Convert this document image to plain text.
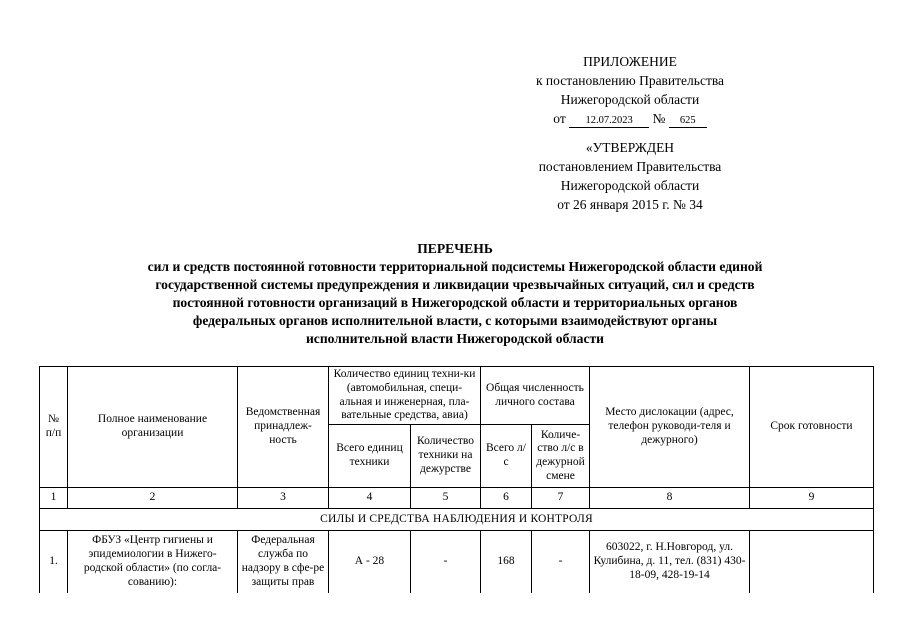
ПРИЛОЖЕНИЕ
к постановлению Правительства
Нижегородской области
от 12.07.2023 № 625
«УТВЕРЖДЕН
постановлением Правительства
Нижегородской области
от 26 января 2015 г. № 34
ПЕРЕЧЕНЬ
сил и средств постоянной готовности территориальной подсистемы Нижегородской области единой
государственной системы предупреждения и ликвидации чрезвычайных ситуаций, сил и средств
постоянной готовности организаций в Нижегородской области и территориальных органов
федеральных органов исполнительной власти, с которыми взаимодействуют органы
исполнительной власти Нижегородской области
№ п/п	Полное наименование организации	Ведомственная принадлеж-ность	Количество единиц техни-ки (автомобильная, специ-альная и инженерная, пла-вательные средства, авиа)		Общая численность личного состава		Место дислокации (адрес, телефон руководи-теля и дежурного)	Срок готовности
			Всего единиц техники	Количество техники на дежурстве	Всего л/с	Количе-ство л/с в дежурной смене		
1	2	3	4	5	6	7	8	9
СИЛЫ И СРЕДСТВА НАБЛЮДЕНИЯ И КОНТРОЛЯ								
1.	ФБУЗ «Центр гигиены и эпидемиологии в Нижего-родской области» (по согла-сованию):	Федеральная служба по надзору в сфе-ре защиты прав	А - 28	-	168	-	603022, г. Н.Новгород, ул. Кулибина, д. 11, тел. (831) 430-18-09, 428-19-14	
